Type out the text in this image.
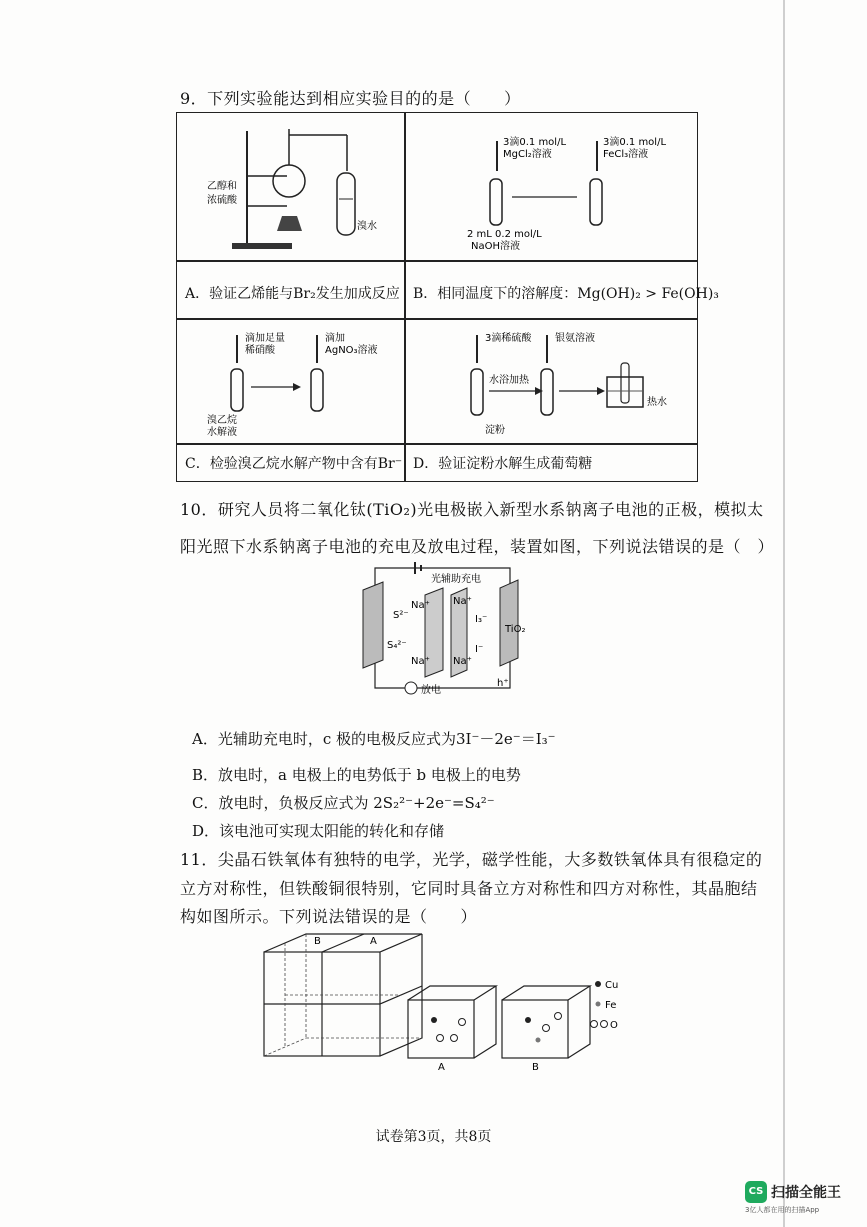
9．下列实验能达到相应实验目的的是（　　）
乙醇和
浓硫酸
溴水
3滴0.1 mol/L
MgCl₂溶液
3滴0.1 mol/L
FeCl₃溶液
2 mL 0.2 mol/L
NaOH溶液
A．验证乙烯能与Br₂发生加成反应 B．相同温度下的溶解度：Mg(OH)₂ > Fe(OH)₃
滴加足量
稀硝酸
滴加
AgNO₃溶液
溴乙烷
水解液
3滴稀硫酸 银氨溶液
水浴加热
淀粉
热水
C．检验溴乙烷水解产物中含有Br⁻ D．验证淀粉水解生成葡萄糖
10．研究人员将二氧化钛(TiO₂)光电极嵌入新型水系钠离子电池的正极，模拟太
阳光照下水系钠离子电池的充电及放电过程，装置如图，下列说法错误的是（　）
光辅助充电
放电
S²⁻
S₄²⁻
Na⁺ Na⁺
Na⁺ Na⁺
I₃⁻
I⁻
h⁺
TiO₂
A．光辅助充电时，c 极的电极反应式为3I⁻－2e⁻＝I₃⁻
B．放电时，a 电极上的电势低于 b 电极上的电势
C．放电时，负极反应式为 2S₂²⁻+2e⁻=S₄²⁻
D．该电池可实现太阳能的转化和存储
11．尖晶石铁氧体有独特的电学，光学，磁学性能，大多数铁氧体具有很稳定的
立方对称性，但铁酸铜很特别，它同时具备立方对称性和四方对称性，其晶胞结
构如图所示。下列说法错误的是（　　）
B	A
A	B
Cu
Fe
O
试卷第3页，共8页
CS 扫描全能王
3亿人都在用的扫描App
